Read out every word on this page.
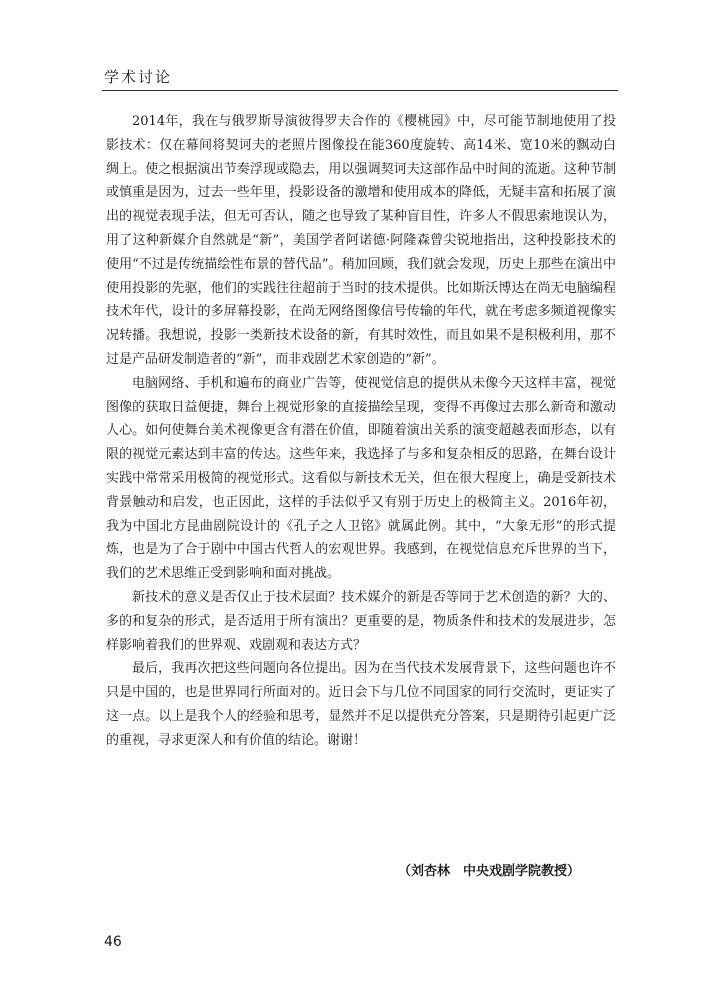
学术讨论

2014年，我在与俄罗斯导演彼得罗夫合作的《樱桃园》中，尽可能节制地使用了投影技术：仅在幕间将契诃夫的老照片图像投在能360度旋转、高14米、宽10米的飘动白绸上。使之根据演出节奏浮现或隐去，用以强调契诃夫这部作品中时间的流逝。这种节制或慎重是因为，过去一些年里，投影设备的激增和使用成本的降低，无疑丰富和拓展了演出的视觉表现手法，但无可否认，随之也导致了某种盲目性，许多人不假思索地误认为，用了这种新媒介自然就是“新”，美国学者阿诺德·阿隆森曾尖锐地指出，这种投影技术的使用“不过是传统描绘性布景的替代品”。稍加回顾，我们就会发现，历史上那些在演出中使用投影的先驱，他们的实践往往超前于当时的技术提供。比如斯沃博达在尚无电脑编程技术年代，设计的多屏幕投影，在尚无网络图像信号传输的年代，就在考虑多频道视像实况转播。我想说，投影一类新技术设备的新，有其时效性，而且如果不是积极利用，那不过是产品研发制造者的“新”，而非戏剧艺术家创造的“新”。

电脑网络、手机和遍布的商业广告等，使视觉信息的提供从未像今天这样丰富，视觉图像的获取日益便捷，舞台上视觉形象的直接描绘呈现，变得不再像过去那么新奇和激动人心。如何使舞台美术视像更含有潜在价值，即随着演出关系的演变超越表面形态，以有限的视觉元素达到丰富的传达。这些年来，我选择了与多和复杂相反的思路，在舞台设计实践中常常采用极简的视觉形式。这看似与新技术无关，但在很大程度上，确是受新技术背景触动和启发，也正因此，这样的手法似乎又有别于历史上的极简主义。2016年初，我为中国北方昆曲剧院设计的《孔子之人卫铭》就属此例。其中，“大象无形”的形式提炼，也是为了合于剧中中国古代哲人的宏观世界。我感到，在视觉信息充斥世界的当下，我们的艺术思维正受到影响和面对挑战。

新技术的意义是否仅止于技术层面？技术媒介的新是否等同于艺术创造的新？大的、多的和复杂的形式，是否适用于所有演出？更重要的是，物质条件和技术的发展进步，怎样影响着我们的世界观、戏剧观和表达方式？

最后，我再次把这些问题向各位提出。因为在当代技术发展背景下，这些问题也许不只是中国的，也是世界同行所面对的。近日会下与几位不同国家的同行交流时，更证实了这一点。以上是我个人的经验和思考，显然并不足以提供充分答案，只是期待引起更广泛的重视，寻求更深人和有价值的结论。谢谢！

（刘杏林　中央戏剧学院教授）
46
